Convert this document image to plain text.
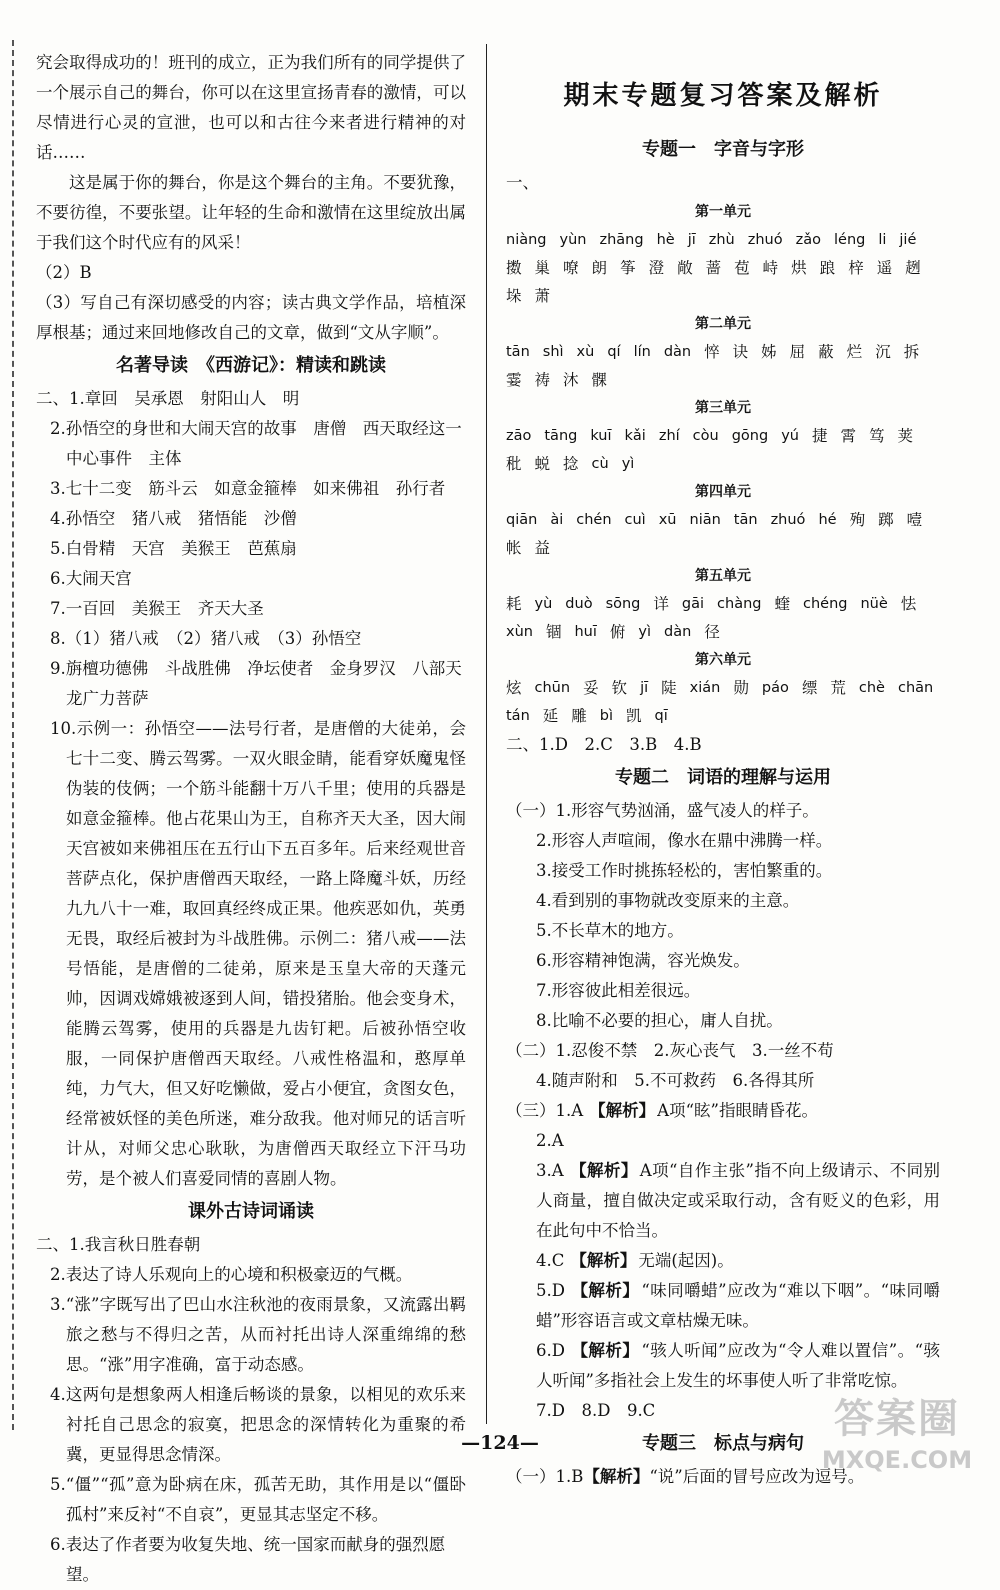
究会取得成功的！班刊的成立，正为我们所有的同学提供了一个展示自己的舞台，你可以在这里宣扬青春的激情，可以尽情进行心灵的宣泄，也可以和古往今来者进行精神的对话……

这是属于你的舞台，你是这个舞台的主角。不要犹豫，不要彷徨，不要张望。让年轻的生命和激情在这里绽放出属于我们这个时代应有的风采！

（2）B

（3）写自己有深切感受的内容；读古典文学作品，培植深厚根基；通过来回地修改自己的文章，做到“文从字顺”。

名著导读　《西游记》：精读和跳读

二、1.章回　吴承恩　射阳山人　明

2.孙悟空的身世和大闹天宫的故事　唐僧　西天取经这一中心事件　主体

3.七十二变　筋斗云　如意金箍棒　如来佛祖　孙行者

4.孙悟空　猪八戒　猪悟能　沙僧

5.白骨精　天宫　美猴王　芭蕉扇

6.大闹天宫

7.一百回　美猴王　齐天大圣

8.（1）猪八戒　（2）猪八戒　（3）孙悟空

9.旃檀功德佛　斗战胜佛　净坛使者　金身罗汉　八部天龙广力菩萨

10.示例一：孙悟空——法号行者，是唐僧的大徒弟，会七十二变、腾云驾雾。一双火眼金睛，能看穿妖魔鬼怪伪装的伎俩；一个筋斗能翻十万八千里；使用的兵器是如意金箍棒。他占花果山为王，自称齐天大圣，因大闹天宫被如来佛祖压在五行山下五百多年。后来经观世音菩萨点化，保护唐僧西天取经，一路上降魔斗妖，历经九九八十一难，取回真经终成正果。他疾恶如仇，英勇无畏，取经后被封为斗战胜佛。示例二：猪八戒——法号悟能，是唐僧的二徒弟，原来是玉皇大帝的天蓬元帅，因调戏嫦娥被逐到人间，错投猪胎。他会变身术，能腾云驾雾，使用的兵器是九齿钉耙。后被孙悟空收服，一同保护唐僧西天取经。八戒性格温和，憨厚单纯，力气大，但又好吃懒做，爱占小便宜，贪图女色，经常被妖怪的美色所迷，难分敌我。他对师兄的话言听计从，对师父忠心耿耿，为唐僧西天取经立下汗马功劳，是个被人们喜爱同情的喜剧人物。

课外古诗词诵读

二、1.我言秋日胜春朝

2.表达了诗人乐观向上的心境和积极豪迈的气概。

3.“涨”字既写出了巴山水注秋池的夜雨景象，又流露出羁旅之愁与不得归之苦，从而衬托出诗人深重绵绵的愁思。“涨”用字准确，富于动态感。

4.这两句是想象两人相逢后畅谈的景象，以相见的欢乐来衬托自己思念的寂寞，把思念的深情转化为重聚的希冀，更显得思念情深。

5.“僵”“孤”意为卧病在床，孤苦无助，其作用是以“僵卧孤村”来反衬“不自哀”，更显其志坚定不移。

6.表达了作者要为收复失地、统一国家而献身的强烈愿望。

期末专题复习答案及解析
专题一　字音与字形

一、

第一单元
niàng yùn zhāng hè jī zhù zhuó zǎo léng li jié
擞 巢 嘹 朗 筝 澄 敞 蔷 苞 峙 烘 踉 梓 遥 趔
垛 萧
第二单元
tān shì xù qí lín dàn 悴 诀 姊 屈 蔽 烂 沉 拆
霎 祷 沐 髁
第三单元
zāo tāng kuī kǎi zhí còu gōng yú 捷 霄 笃 荚
秕 蜕 捻 cù yì
第四单元
qiān ài chén cuì xū niān tān zhuó hé 殉 踯 噎
帐 益
第五单元
耗 yù duò sōng 详 gāi chàng 蝰 chéng nüè 怯
xùn 锢 huī 俯 yì dàn 径
第六单元
炫 chūn 妥 钦 jī 陡 xián 勋 páo 缥 荒 chè chān
tán 延 雕 bì 凯 qī

二、1.D　2.C　3.B　4.B

专题二　词语的理解与运用

（一）1.形容气势汹涌，盛气凌人的样子。

2.形容人声喧闹，像水在鼎中沸腾一样。

3.接受工作时挑拣轻松的，害怕繁重的。

4.看到别的事物就改变原来的主意。

5.不长草木的地方。

6.形容精神饱满，容光焕发。

7.形容彼此相差很远。

8.比喻不必要的担心，庸人自扰。

（二）1.忍俊不禁　2.灰心丧气　3.一丝不苟

4.随声附和　5.不可救药　6.各得其所

（三）1.A 【解析】 A项“眩”指眼睛昏花。

2.A

3.A 【解析】 A项“自作主张”指不向上级请示、不同别人商量，擅自做决定或采取行动，含有贬义的色彩，用在此句中不恰当。

4.C 【解析】 无端(起因)。

5.D 【解析】 “味同嚼蜡”应改为“难以下咽”。“味同嚼蜡”形容语言或文章枯燥无味。

6.D 【解析】 “骇人听闻”应改为“令人难以置信”。“骇人听闻”多指社会上发生的坏事使人听了非常吃惊。

7.D　8.D　9.C

专题三　标点与病句

（一）1.B【解析】“说”后面的冒号应改为逗号。

—124—
答案圈
MXQE.COM
